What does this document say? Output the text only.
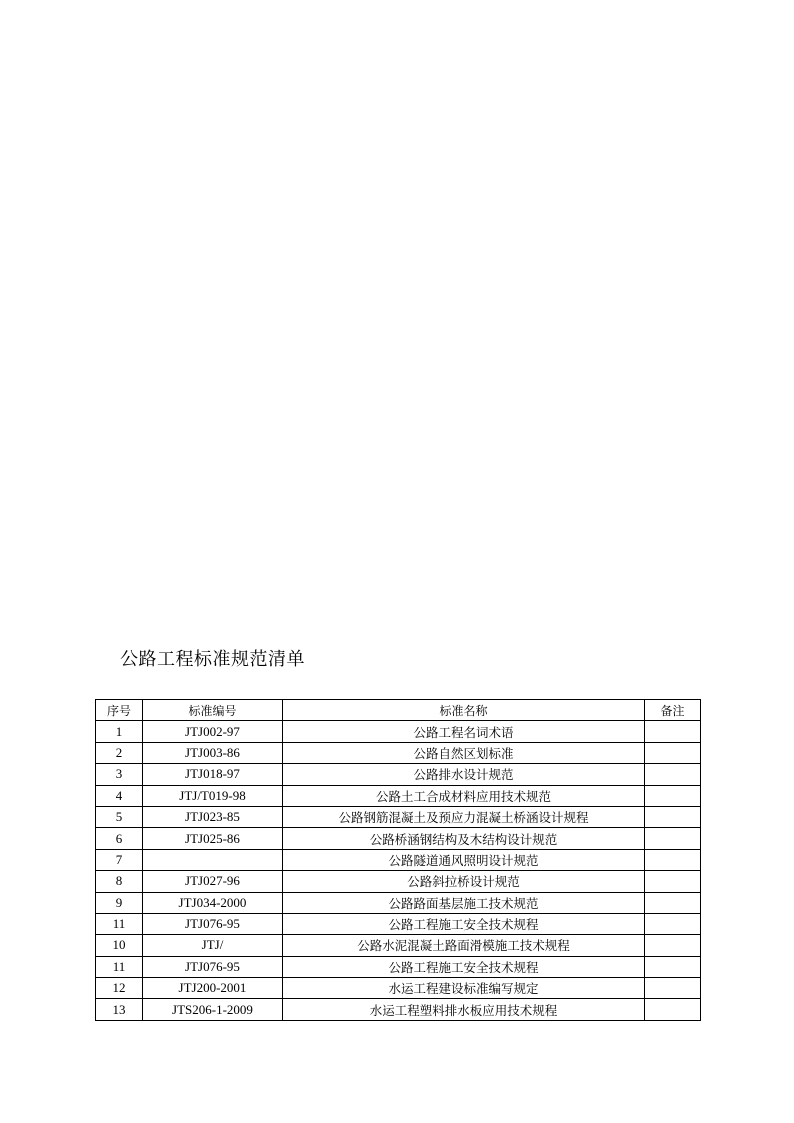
公路工程标准规范清单
序号	标准编号	标准名称	备注
1	JTJ002-97	公路工程名词术语	
2	JTJ003-86	公路自然区划标准	
3	JTJ018-97	公路排水设计规范	
4	JTJ/T019-98	公路土工合成材料应用技术规范	
5	JTJ023-85	公路钢筋混凝土及预应力混凝土桥涵设计规程	
6	JTJ025-86	公路桥涵钢结构及木结构设计规范	
7		公路隧道通风照明设计规范	
8	JTJ027-96	公路斜拉桥设计规范	
9	JTJ034-2000	公路路面基层施工技术规范	
11	JTJ076-95	公路工程施工安全技术规程	
10	JTJ/	公路水泥混凝土路面滑模施工技术规程	
11	JTJ076-95	公路工程施工安全技术规程	
12	JTJ200-2001	水运工程建设标准编写规定	
13	JTS206-1-2009	水运工程塑料排水板应用技术规程	
